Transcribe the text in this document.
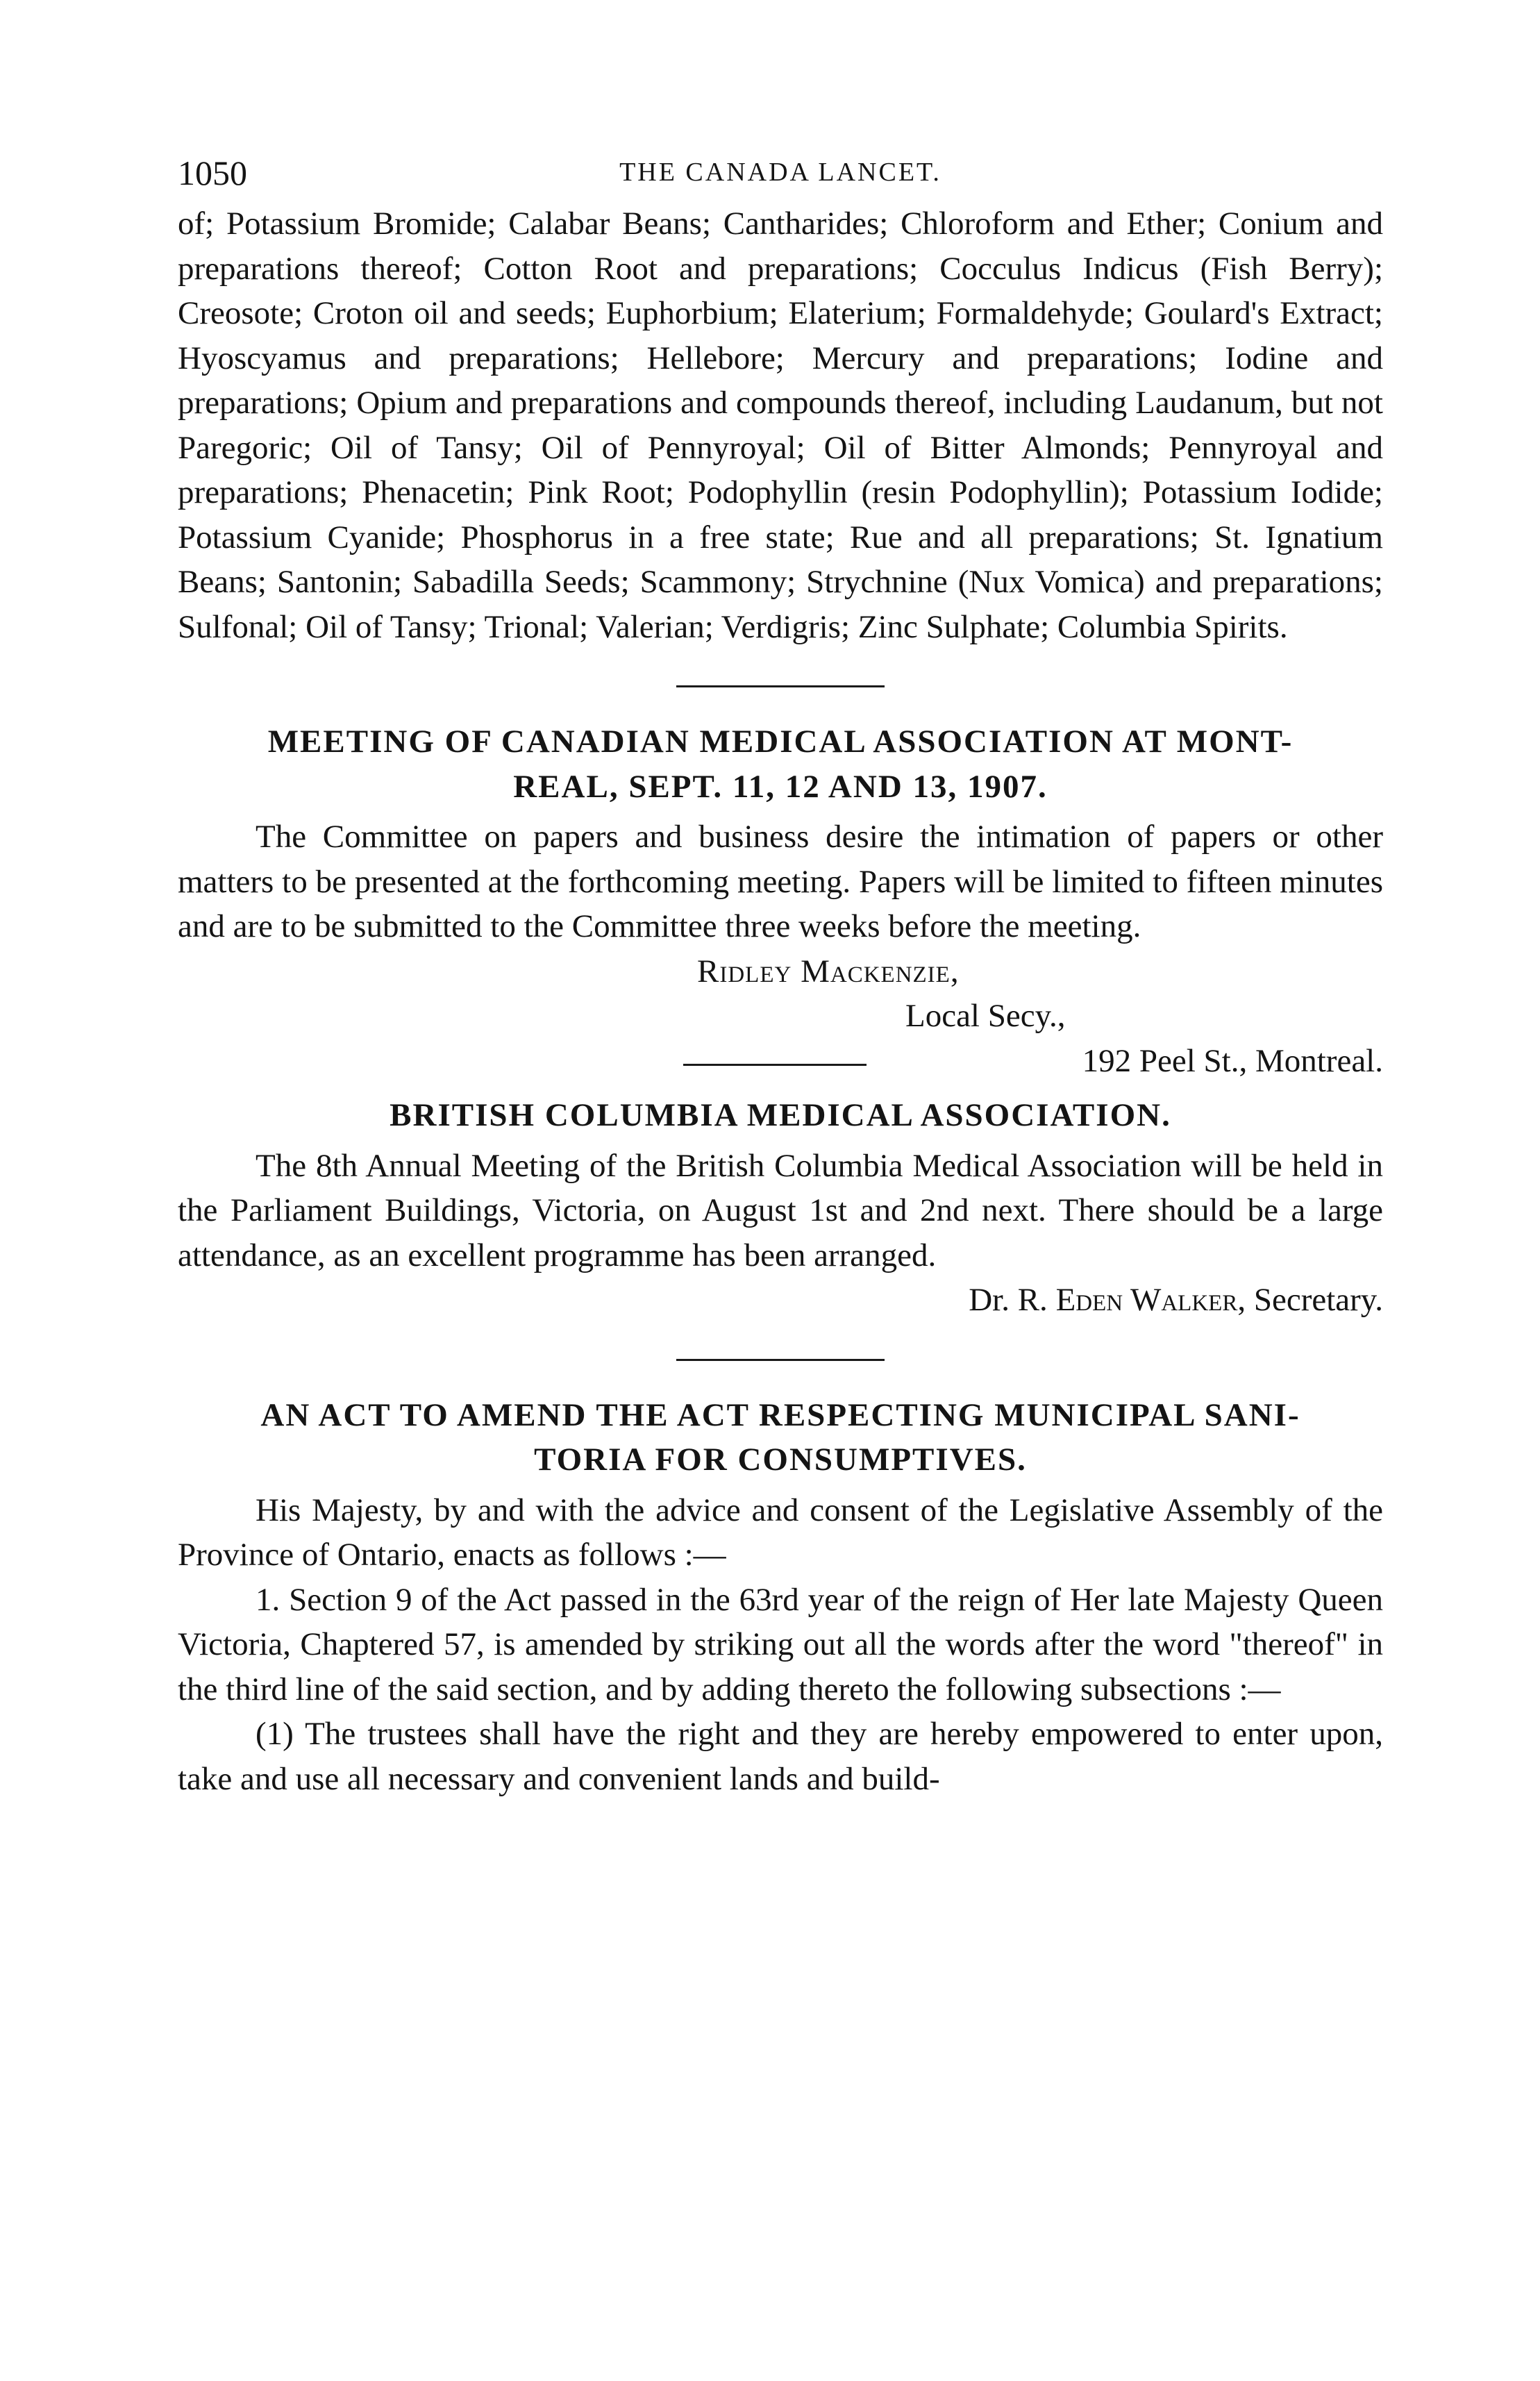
1050	THE CANADA LANCET.

of; Potassium Bromide; Calabar Beans; Cantharides; Chloroform and Ether; Conium and preparations thereof; Cotton Root and preparations; Cocculus Indicus (Fish Berry); Creosote; Croton oil and seeds; Euphorbium; Elaterium; Formaldehyde; Goulard's Extract; Hyoscyamus and preparations; Hellebore; Mercury and preparations; Iodine and preparations; Opium and preparations and compounds thereof, including Laudanum, but not Paregoric; Oil of Tansy; Oil of Pennyroyal; Oil of Bitter Almonds; Pennyroyal and preparations; Phenacetin; Pink Root; Podophyllin (resin Podophyllin); Potassium Iodide; Potassium Cyanide; Phosphorus in a free state; Rue and all preparations; St. Ignatium Beans; Santonin; Sabadilla Seeds; Scammony; Strychnine (Nux Vomica) and preparations; Sulfonal; Oil of Tansy; Trional; Valerian; Verdigris; Zinc Sulphate; Columbia Spirits.

MEETING OF CANADIAN MEDICAL ASSOCIATION AT MONT-
REAL, SEPT. 11, 12 AND 13, 1907.

The Committee on papers and business desire the intimation of papers or other matters to be presented at the forthcoming meeting. Papers will be limited to fifteen minutes and are to be submitted to the Committee three weeks before the meeting.

Ridley Mackenzie,
Local Secy.,
192 Peel St., Montreal.
BRITISH COLUMBIA MEDICAL ASSOCIATION.

The 8th Annual Meeting of the British Columbia Medical Association will be held in the Parliament Buildings, Victoria, on August 1st and 2nd next. There should be a large attendance, as an excellent programme has been arranged.

Dr. R. Eden Walker, Secretary.
AN ACT TO AMEND THE ACT RESPECTING MUNICIPAL SANI-
TORIA FOR CONSUMPTIVES.

His Majesty, by and with the advice and consent of the Legislative Assembly of the Province of Ontario, enacts as follows :—

1. Section 9 of the Act passed in the 63rd year of the reign of Her late Majesty Queen Victoria, Chaptered 57, is amended by striking out all the words after the word "thereof" in the third line of the said section, and by adding thereto the following subsections :—

(1) The trustees shall have the right and they are hereby empowered to enter upon, take and use all necessary and convenient lands and build-
